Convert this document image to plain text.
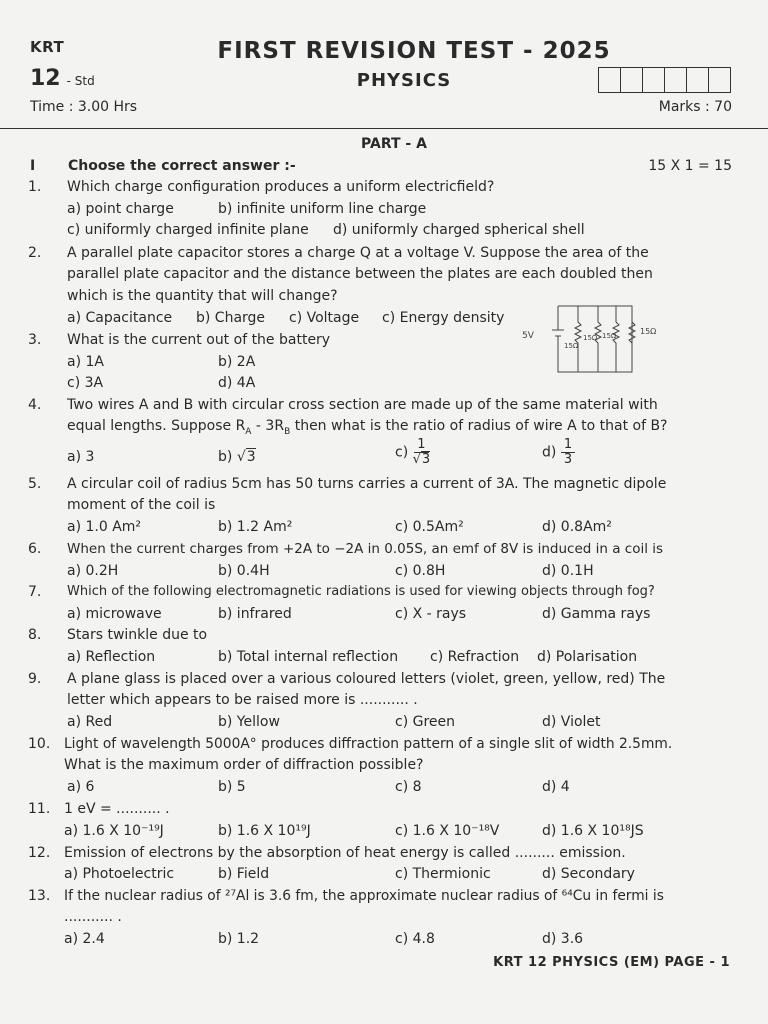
KRT	FIRST REVISION TEST - 2025
12 - Std	PHYSICS
Time : 3.00 Hrs	Marks : 70
PART - A
I Choose the correct answer :-	15 X 1 = 15
1. Which charge configuration produces a uniform electricfield?
a) point charge	b) infinite uniform line charge
c) uniformly charged infinite plane d) uniformly charged spherical shell
2. A parallel plate capacitor stores a charge Q at a voltage V. Suppose the area of the
parallel plate capacitor and the distance between the plates are each doubled then
which is the quantity that will change?
a) Capacitance b) Charge c) Voltage c) Energy density
5V
15Ω
15Ω 15Ω	15Ω
3. What is the current out of the battery
a) 1A	b) 2A
c) 3A	d) 4A
4. Two wires A and B with circular cross section are made up of the same material with
equal lengths. Suppose $R_A - 3R_B$ then what is the ratio of radius of wire A to that of B?
a) 3	b) √3	$c) \frac{1}{√3}$	$d) \frac{1}{3}$
5. A circular coil of radius 5cm has 50 turns carries a current of 3A. The magnetic dipole
moment of the coil is
a) 1.0 Am²	b) 1.2 Am²	c) 0.5Am²	d) 0.8Am²
6. When the current charges from +2A to −2A in 0.05S, an emf of 8V is induced in a coil is
a) 0.2H	b) 0.4H	c) 0.8H	d) 0.1H
7. Which of the following electromagnetic radiations is used for viewing objects through fog?
a) microwave	b) infrared	c) X - rays	d) Gamma rays
8. Stars twinkle due to
a) Reflection	b) Total internal reflection c) Refraction d) Polarisation
9. A plane glass is placed over a various coloured letters (violet, green, yellow, red) The
letter which appears to be raised more is ........... .
a) Red	b) Yellow	c) Green	d) Violet
10. Light of wavelength 5000A° produces diffraction pattern of a single slit of width 2.5mm.
What is the maximum order of diffraction possible?
a) 6	b) 5	c) 8	d) 4
11. 1 eV = .......... .
a) 1.6 X 10⁻¹⁹J	b) 1.6 X 10¹⁹J	c) 1.6 X 10⁻¹⁸V	d) 1.6 X 10¹⁸JS
12. Emission of electrons by the absorption of heat energy is called ......... emission.
a) Photoelectric	b) Field	c) Thermionic	d) Secondary
13. If the nuclear radius of ²⁷Al is 3.6 fm, the approximate nuclear radius of ⁶⁴Cu in fermi is
........... .
a) 2.4	b) 1.2	c) 4.8	d) 3.6
KRT 12 PHYSICS (EM) PAGE - 1
